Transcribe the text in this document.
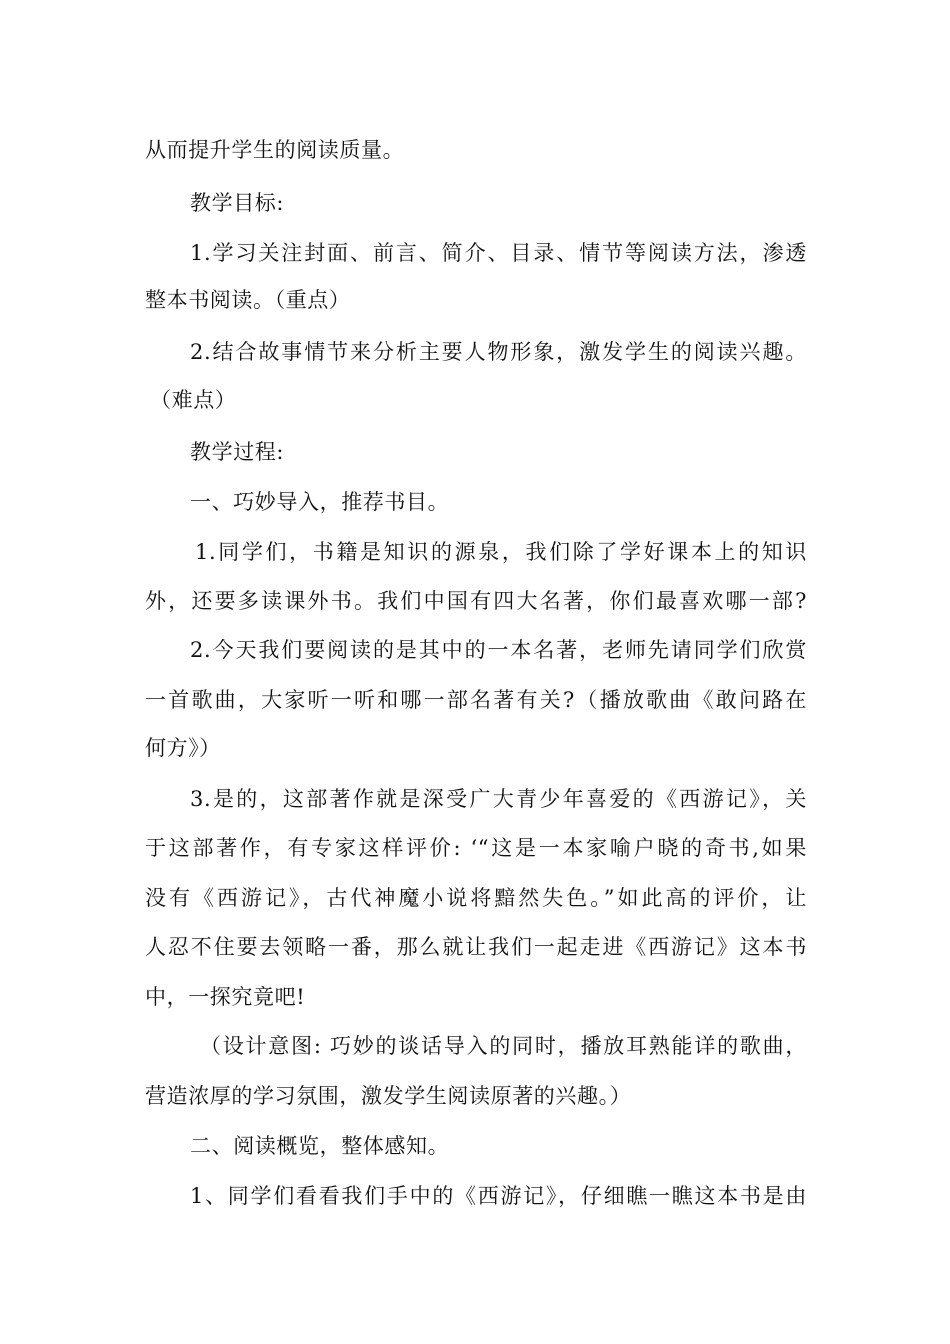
从而提升学生的阅读质量。
教学目标:
1.学习关注封面、前言、简介、目录、情节等阅读方法，渗透
整本书阅读。（重点）
2.结合故事情节来分析主要人物形象，激发学生的阅读兴趣。
（难点）
教学过程:
一、巧妙导入，推荐书目。
1.同学们，书籍是知识的源泉，我们除了学好课本上的知识
外，还要多读课外书。我们中国有四大名著，你们最喜欢哪一部?
2.今天我们要阅读的是其中的一本名著，老师先请同学们欣赏
一首歌曲，大家听一听和哪一部名著有关?（播放歌曲《敢问路在
何方》）
3.是的，这部著作就是深受广大青少年喜爱的《西游记》，关
于这部著作，有专家这样评价: ‘“这是一本家喻户晓的奇书,如果
没有《西游记》，古代神魔小说将黯然失色。”如此高的评价，让
人忍不住要去领略一番，那么就让我们一起走进《西游记》这本书
中，一探究竟吧!
（设计意图: 巧妙的谈话导入的同时，播放耳熟能详的歌曲，
营造浓厚的学习氛围，激发学生阅读原著的兴趣。）
二、阅读概览，整体感知。
1、同学们看看我们手中的《西游记》，仔细瞧一瞧这本书是由
